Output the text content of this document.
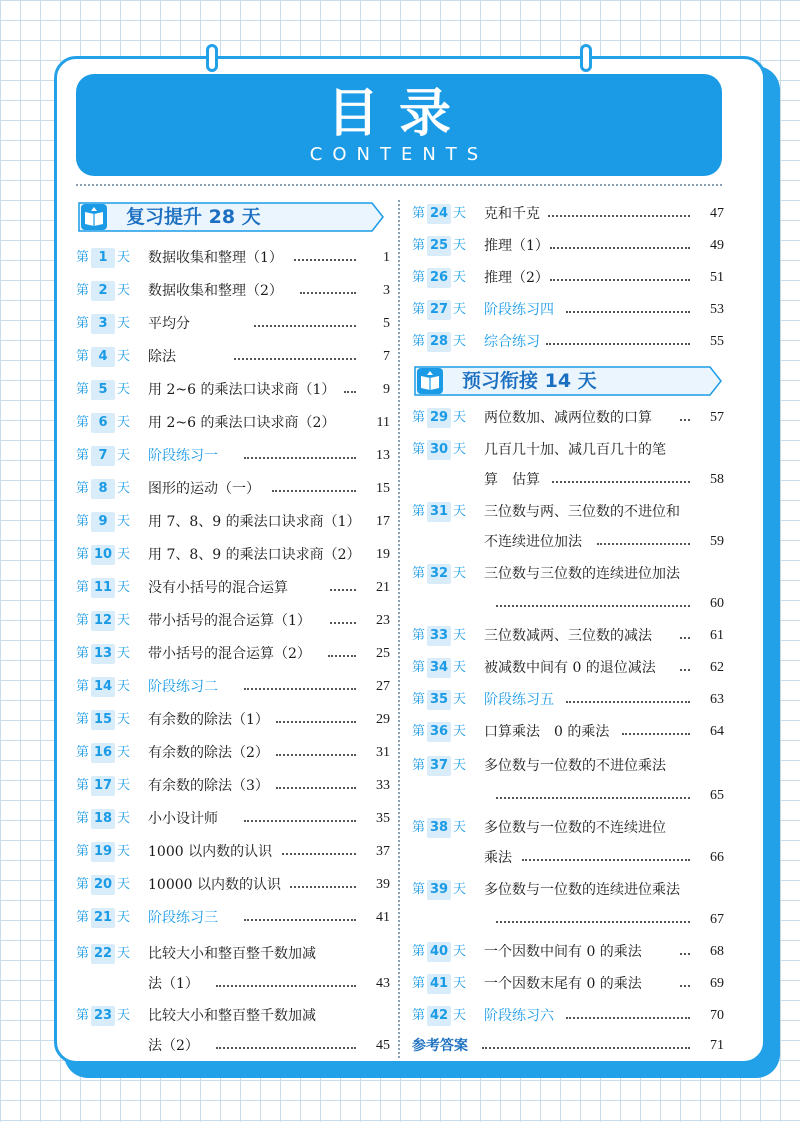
目录
CONTENTS
复习提升 28 天
预习衔接 14 天
第 1 天	数据收集和整理（1）	1
第 2 天	数据收集和整理（2）	3
第 3 天	平均分	5
第 4 天	除法	7
第 5 天	用 2~6 的乘法口诀求商（1）	9
第 6 天	用 2~6 的乘法口诀求商（2）	11
第 7 天	阶段练习一	13
第 8 天	图形的运动（一）	15
第 9 天	用 7、8、9 的乘法口诀求商（1）	17
第 10 天	用 7、8、9 的乘法口诀求商（2）	19
第 11 天	没有小括号的混合运算	21
第 12 天	带小括号的混合运算（1）	23
第 13 天	带小括号的混合运算（2）	25
第 14 天	阶段练习二	27
第 15 天	有余数的除法（1）	29
第 16 天	有余数的除法（2）	31
第 17 天	有余数的除法（3）	33
第 18 天	小小设计师	35
第 19 天	1000 以内数的认识	37
第 20 天	10000 以内数的认识	39
第 21 天	阶段练习三	41
第 22 天	比较大小和整百整千数加减
法（1）	43
第 23 天	比较大小和整百整千数加减
法（2）	45
第 24 天	克和千克	47
第 25 天	推理（1）	49
第 26 天	推理（2）	51
第 27 天	阶段练习四	53
第 28 天	综合练习	55
第 29 天	两位数加、减两位数的口算	57
第 30 天	几百几十加、减几百几十的笔
算　估算	58
第 31 天	三位数与两、三位数的不进位和
不连续进位加法	59
第 32 天	三位数与三位数的连续进位加法
60
第 33 天	三位数减两、三位数的减法	61
第 34 天	被减数中间有 0 的退位减法	62
第 35 天	阶段练习五	63
第 36 天	口算乘法　0 的乘法	64
第 37 天	多位数与一位数的不进位乘法
65
第 38 天	多位数与一位数的不连续进位
乘法	66
第 39 天	多位数与一位数的连续进位乘法
67
第 40 天	一个因数中间有 0 的乘法	68
第 41 天	一个因数末尾有 0 的乘法	69
第 42 天	阶段练习六	70
参考答案	71
